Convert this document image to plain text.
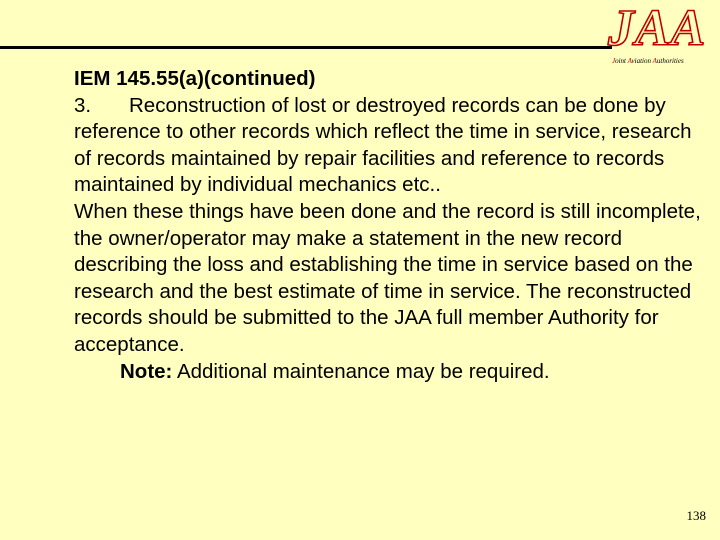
JAA
Joint Aviation Authorities

IEM 145.55(a)(continued)

3. Reconstruction of lost or destroyed records can be done by reference to other records which reflect the time in service, research of records maintained by repair facilities and reference to records maintained by individual mechanics etc..

When these things have been done and the record is still incomplete, the owner/operator may make a statement in the new record describing the loss and establishing the time in service based on the research and the best estimate of time in service. The reconstructed records should be submitted to the JAA full member Authority for acceptance.

Note: Additional maintenance may be required.

138
